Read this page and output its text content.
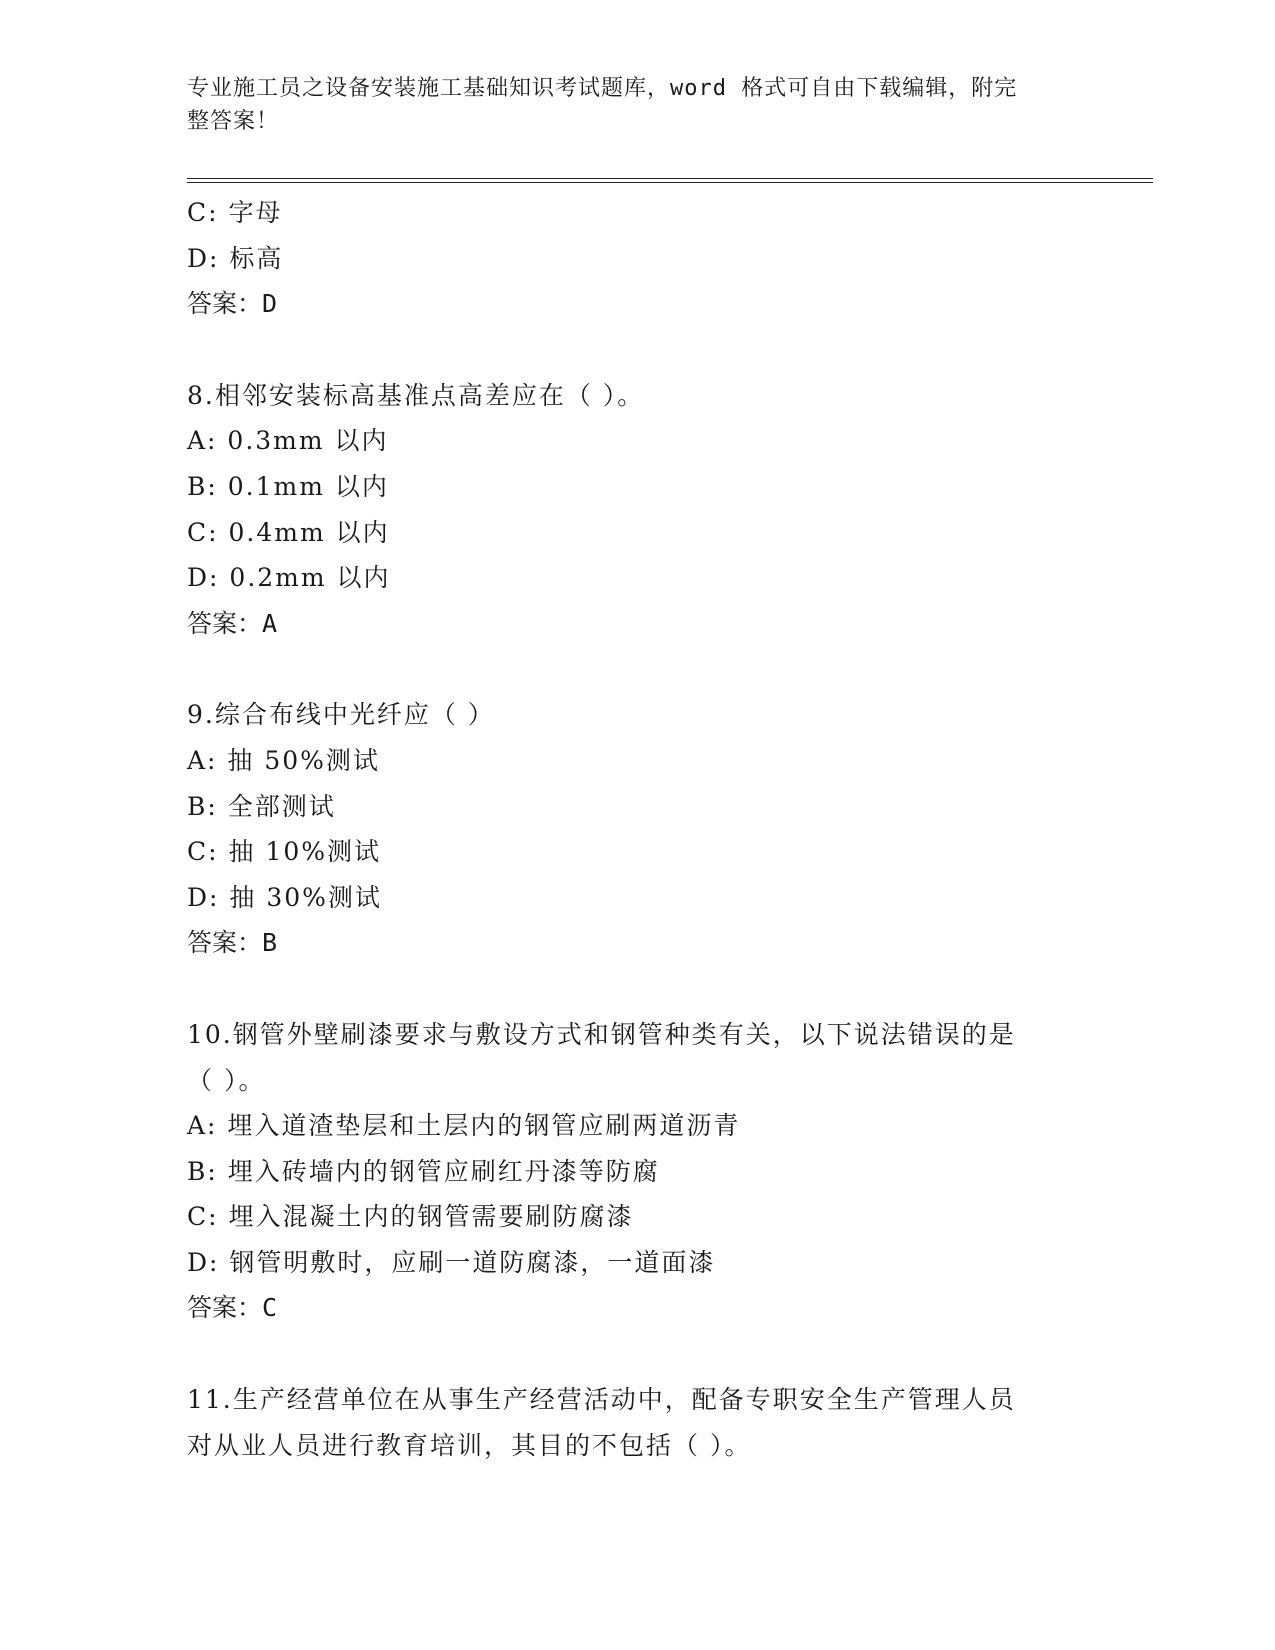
专业施工员之设备安装施工基础知识考试题库，word 格式可自由下载编辑，附完
整答案！
C: 字母
D: 标高
答案：D
8.相邻安装标高基准点高差应在（ ）。
A: 0.3mm 以内
B: 0.1mm 以内
C: 0.4mm 以内
D: 0.2mm 以内
答案：A
9.综合布线中光纤应（ ）
A: 抽 50%测试
B: 全部测试
C: 抽 10%测试
D: 抽 30%测试
答案：B
10.钢管外壁刷漆要求与敷设方式和钢管种类有关，以下说法错误的是
（ ）。
A: 埋入道渣垫层和土层内的钢管应刷两道沥青
B: 埋入砖墙内的钢管应刷红丹漆等防腐
C: 埋入混凝土内的钢管需要刷防腐漆
D: 钢管明敷时，应刷一道防腐漆，一道面漆
答案：C
11.生产经营单位在从事生产经营活动中，配备专职安全生产管理人员
对从业人员进行教育培训，其目的不包括（ ）。
